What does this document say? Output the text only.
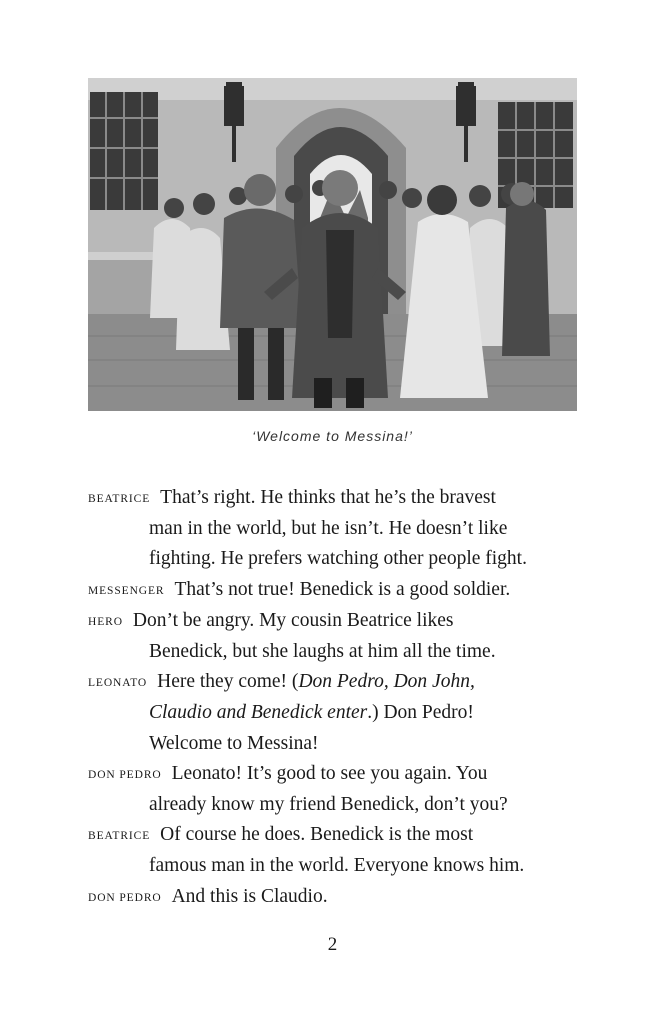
‘Welcome to Messina!’
BEATRICE That’s right. He thinks that he’s the bravest
man in the world, but he isn’t. He doesn’t like
fighting. He prefers watching other people fight.
MESSENGER That’s not true! Benedick is a good soldier.
HERO Don’t be angry. My cousin Beatrice likes
Benedick, but she laughs at him all the time.
LEONATO Here they come! (Don Pedro, Don John,
Claudio and Benedick enter.) Don Pedro!
Welcome to Messina!
DON PEDRO Leonato! It’s good to see you again. You
already know my friend Benedick, don’t you?
BEATRICE Of course he does. Benedick is the most
famous man in the world. Everyone knows him.
DON PEDRO And this is Claudio.
2
